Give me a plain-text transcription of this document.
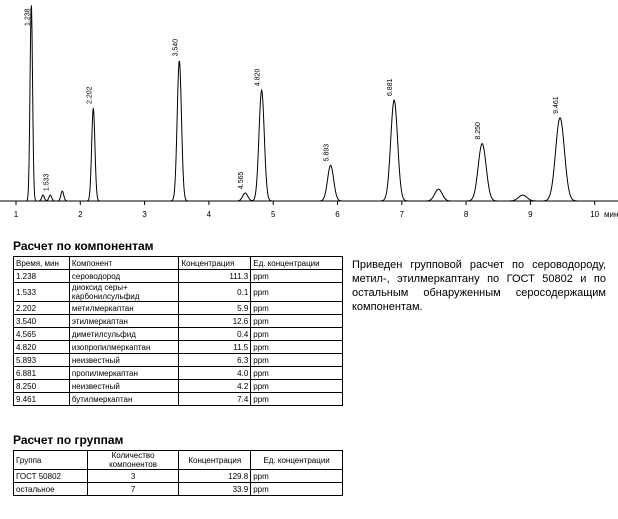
1	2	3	4	5	6	7	8	9	10 мин
1.238
1.533
2.202
3.540
4.565
4.820
5.893
6.881
8.250
9.461
Расчет по компонентам
Время, мин	Компонент	Концентрация	Ед. концентрации
1.238	сероводород	111.3	ppm
1.533	диоксид серы+ карбонилсульфид	0.1	ppm
2.202	метилмеркаптан	5.9	ppm
3.540	этилмеркаптан	12.6	ppm
4.565	диметилсульфид	0.4	ppm
4.820	изопропилмеркаптан	11.5	ppm
5.893	неизвестный	6.3	ppm
6.881	пропилмеркаптан	4.0	ppm
8.250	неизвестный	4.2	ppm
9.461	бутилмеркаптан	7.4	ppm
Приведен групповой расчет по сероводороду, метил-, этилмеркаптану по ГОСТ 50802 и по остальным обнаруженным серосодержащим компонентам.
Расчет по группам
Группа	Количество компонентов	Концентрация	Ед. концентрации
ГОСТ 50802	3	129.8	ppm
остальное	7	33.9	ppm
